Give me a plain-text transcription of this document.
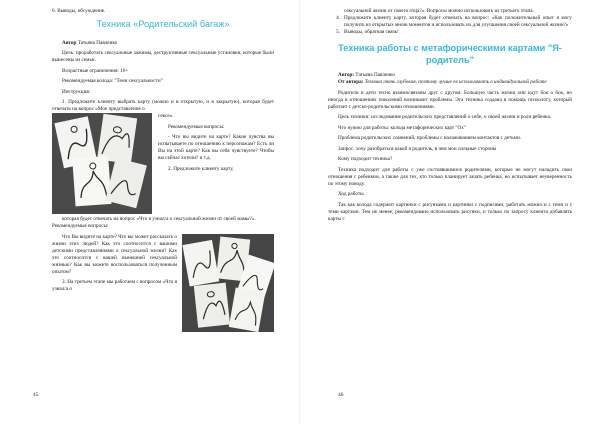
6. Выводы, обсуждение.

Техника «Родительский багаж»

Автор Татьяна Павленко

Цель: проработать сексуальные зажимы, деструктивные сексуальные установки, которые были вынесены из семьи.

Возрастные ограничения: 16+

Рекомендуемая колода: "Тени сексуальности"

Инструкция:

1. Предложите клиенту выбрать карту (можно и в открытую, и в закрытую), которая будет отвечать на вопрос «Мое представление о

сексе».

Рекомендуемые вопросы:

- Что вы видите на карте? Какие чувства вы испытываете по отношению к персонажам? Есть ли Вы на этой карте? Как вы себя чувствуете? Чтобы вы сейчас хотели? и т.д.

2. Предложите клиенту карту,

которая будет отвечать на вопрос «Что я узнал/а о сексуальной жизни от своей мамы?».

Рекомендуемые вопросы:

Что Вы видите на карте? Что вы может рассказать о жизни этих людей? Как это соотносится с вашими детскими представлениями о сексуальной жизни? Как это соотносится с вашей нынешней сексуальной жизнью? Как вы можете воспользоваться полученным опытом?

3. На третьем этапе мы работаем с вопросом «Что я узнал/а о

45

сексуальной жизни от своего отца?». Вопросы можно использовать из третьего этапа.

4. Предложите клиенту карту, которая будет отвечать на вопрос: «Как положительный опыт я могу получить из открытых мною моментов и использовать их для улучшения своей сексуальной жизни?»
5. Выводы, обратная связь!
Техника работы с метафорическими картами "Я-родитель"

Автор: Татьяна Павленко

От автора: Техника очень глубокая, поэтому лучше ее использовать в индивидуальной работе

Родители и дети тесно взаимосвязаны друг с другом. Большую часть жизни они идут бок о бок, но иногда в отношениях поколений возникают проблемы. Эта техника создана в помощь психологу, который работает с детско-родительскими отношениями.

Цель техники: исследование родительских представлений о себе, о своей жизни и роли ребенка.

Что нужно для работы: колода метафорических карт "Ох"

Проблема родительских сомнений, проблемы с налаживанием контактов с детьми.

Запрос: хочу разобраться какой я родитель, в чем мои сильные стороны

Кому подходит техника?

Техника подходит для работы с уже состоявшимися родителями, которые не могут наладить свои отношения с ребенком, а также для тех, кто только планирует зачать ребенка, но испытывает неуверенность по этому поводу.

Ход работы

Так как колода содержит картинки с рисунками и картинки с подписями, работать можно и с теми и с теми картами. Тем не менее, рекомендовано использовать рисунки, и только по запросу клиента добавлять карты с

46
